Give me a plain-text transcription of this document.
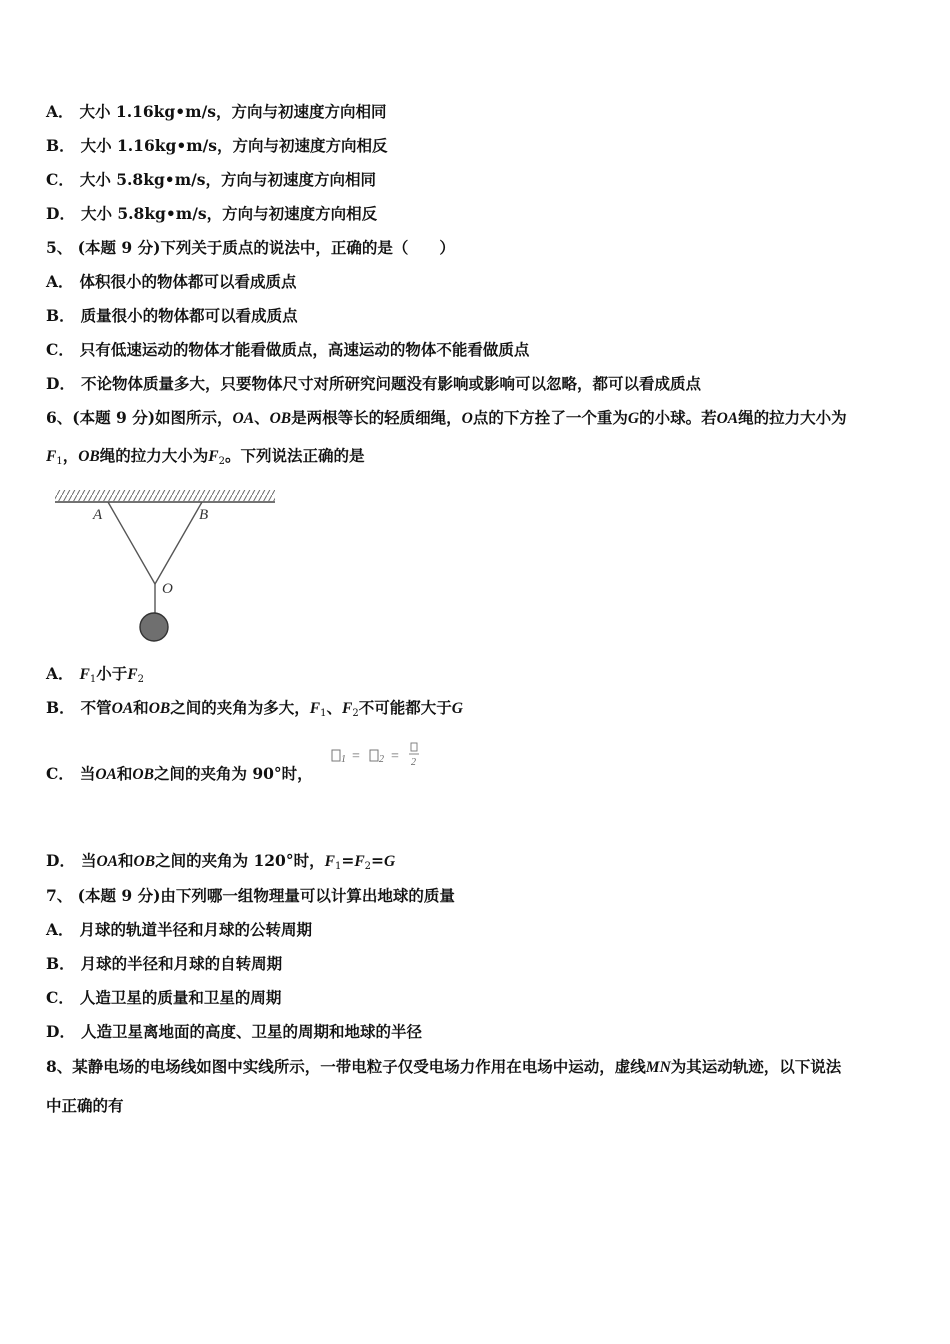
A． 大小 1.16kg•m/s，方向与初速度方向相同
B． 大小 1.16kg•m/s，方向与初速度方向相反
C． 大小 5.8kg•m/s，方向与初速度方向相同
D． 大小 5.8kg•m/s，方向与初速度方向相反
5、 (本题 9 分)下列关于质点的说法中，正确的是（　　）
A． 体积很小的物体都可以看成质点
B． 质量很小的物体都可以看成质点
C． 只有低速运动的物体才能看做质点，高速运动的物体不能看做质点
D． 不论物体质量多大，只要物体尺寸对所研究问题没有影响或影响可以忽略，都可以看成质点
6、(本题 9 分)如图所示，OA、OB是两根等长的轻质细绳，O点的下方拴了一个重为G的小球。若OA绳的拉力大小为
$F_1$，OB绳的拉力大小为$F_2$。下列说法正确的是
A	B
O
A． $F_1$小于$F_2$
B． 不管OA和OB之间的夹角为多大，$F_1$、$F_2$不可能都大于G
C． 当OA和OB之间的夹角为 90°时，
1 = 2 = 2
D． 当OA和OB之间的夹角为 120°时，$F_1=F_2=G$
7、 (本题 9 分)由下列哪一组物理量可以计算出地球的质量
A． 月球的轨道半径和月球的公转周期
B． 月球的半径和月球的自转周期
C． 人造卫星的质量和卫星的周期
D． 人造卫星离地面的高度、卫星的周期和地球的半径
8、某静电场的电场线如图中实线所示，一带电粒子仅受电场力作用在电场中运动，虚线MN为其运动轨迹，以下说法
中正确的有
